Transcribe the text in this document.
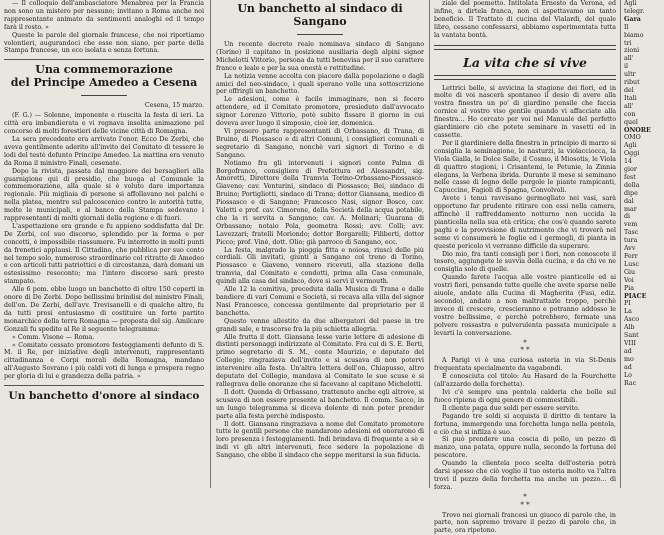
— Il colloquio dell'ambasciatore Menabrea per la Francia non sono un mistero per nessuno; invitano a Roma anche noi rappresentante animato da sentimenti analoghi ed il tempo farà il resto. »

Queste le parole del giornale francese, che noi riportiamo volontieri, augurandoci che esse non siano, per parte della Stampa francese, un eco isolata e senza fortuna.

Una commemorazione
del Principe Amedeo a Cesena
Cesena, 15 marzo.

(F. G.) — Solenne, imponente e riuscita la festa di ieri. La città era imbandierata e vi regnava insolita animazione pel concorso di molti forestieri delle vicine città di Romagna.

La sera precedente era arrivato l'onor. Ecco De Zerbi, che aveva gentilmente aderito all'invito del Comitato di tessere le lodi del testè defunto Principe Amedeo. La mattina era venuto da Roma il ministro Finali, cesenate.

Dopo la rivista, passata dal maggiore dei bersaglieri alla guarnigione qui di presidio, che buoga al Comunale la commemorazione, alla quale si è voluto dare importanza regionale. Più migliaia di persone si affollavano nei palchi e nella platea, mentre sul palcoscenico contro le autorità tutte, molte le municipali, e al banco della Stampa sedevano i rappresentanti di molti giornali della regione e di fuori.

L'aspettazione era grande e fu appieno soddisfatta dal Dr. De Zerbi, col suo discorso, splendido per la forma e per concetti, è impossibile riassumere. Fu interrotto in molti punti da frenetici applausi. Il Cittadino, che pubblica per suo conto nel tempo solo, numeroso straordinario col ritratto di Amedeo e con articoli tutti patriottici e di circostanza, darà domani un estesissimo resoconto; ma l'intero discorso sarà presto stampato.

Alle 6 pom. ebbe luogo un banchetto di oltre 150 coperti in onore di De Zerbi. Dopo bellissimi brindisi del ministro Finali, dell'on. De Zerbi, dell'avv. Trevisanelli e di qualche altro, fu da tutti presi entusiasmo di costituire un forte partito monarchico della terra Romagna — proposta del sig. Amilcare Gonzali fu spedito al Re il seguente telegramma:

« Comm. Visone — Roma.

« Comitato cessato promotore festeggiamenti defunto di S. M. il Re, per iniziative degli intervenuti, rappresentanti cittadinanza e Corpi morali della Romagna, mandano all'Augusto Sovrano i più caldi voti di lunga e prospera regno per gloria di lui e grandezza della patria. »

Un banchetto d'onore al sindaco
Un banchetto al sindaco di Sangano

Un recente decreto reale nominava sindaco di Sangano (Torino) il capitano in posizione ausiliaria degli alpini signor Michelotti Vittorio, persona da tutti benevisa per il suo carattere franco e leale e per la sua onestà e rettitudine.

La notizia venne accolta con piacere dalla popolazione e dagli amici del neo-sindaco, i quali sperano volle una sottoscrizione per offrirgli un banchetto.

Le adesioni, come è facile immaginare, non si fecero attendere, ed il Comitato promotore, presieduto dall'avvocato signor Lorenzo Vittorio, potè subito fissare il giorno in cui doveva aver luogo il simposio, cioè ier, domenica.

Vi presero parte rappresentanti di Orbassano, di Trana, di Bruino, di Piossasco e di altri Comuni, i consiglieri comunali e segretario di Sangano, nonchè vari signori di Torino e di Sangano.

Notiamo fra gli intervenuti i signori conte Palma di Borgofranco, consigliere di Prefettura ed Alessandri, sig. Amoretti, Direttore della Tramvia Torino-Orbassano-Piossasco-Giaveno; cav. Venturini, sindaco di Piossasco; Bei, sindaco di Bruino; Portigliotti, sindaco di Trana; dottor Giansana, medico di Piossasco e di Sangano; Francesco Nasi, signor Bosco, cav. Valetti e prof. cav. Cimorone, della Società della acqua potabile, che la ri servita a Sangano; cav. A. Molinari; Guarana di Orbassano; notaio Pola, geometra Rossi; avv. Colli; avv. Lavezzari; fratelli Moriondo; dottor Borgarelli; Filiberti, dottor Picco; prof. Vinè, dott. Olio; già parroco di Sangano, ecc.

La festa, malgrado la pioggia fitta e noiosa, riuscì delle più cordiali. Gli invitati, giunti a Sangano col treno di Torino, Piossasco e Giaveno, vennero ricevuti, alla stazione della tramvia, dal Comitato e condotti, prima alla Casa comunale, quindi alla casa del sindaco, dove si servì il vermouth.

Alle 12 la comitiva, preceduta dalla Musica di Trana e dalle bandiere di vari Comuni e Società, si recava alla villa del signor Nasi Francesco, concessa gentilmente dal proprietario per il banchetto.

Questo venne allestito da due albergatori del paese in tre grandi sale, e trascorse fra la più schietta allegria.

Alle frutta il dott. Giansana lesse varie lettere di adesione di distinti personaggi indirizzate al Comitato. Fra cui di S. E. Berti, primo segretario di S. M., conte Maurizio, e deputato del Collegio; ringraziava dell'invito e si scusava di non potervi intervenire alla festa. Un'altra lettera dell'on. Chiapusso, altro deputato del Collegio, mandava al Comitato le sue scuse e si rallegrava delle onoranze che si facevano al capitano Michelotti.

Il dott. Quenda di Orbassano, trattenuto anche egli altrove, si scusava di non essere presente al banchetto. Il comm. Sacco, in un lungo telegramma si diceva dolente di non poter prender parte alla festa perchè indisposto.

Il dott. Giansana ringraziava a nome del Comitato promotore tutte le gentili persone che mandarono adesioni ed onorarono di loro presenza i festeggiamenti. Indi brindava di frequente a sè e indi vi gli altri intervenuti, fece sedere la popolazione di Sangano, che ebbe il sindaco che seppe meritarsi la sua fiducia.

ziale del poemetto. Intitolata Ernesto da Verona, ed infine, a dirtela franca, non ci aspettavamo un tanto beneficio. Il Trattato di cucina del Vialardi, del quale libro, cessano confessarsi, abbiamo esperimentata tutta la vantata bontà.

La vita che si vive

Lettrici belle, si avvicina la stagione dei fiori, ed in molte di voi nascerà spontaneo il desio di avere alla vostra finestra un po' di giardino pensile che faccia cornice al vostro viso gentile quando vi affacciate alla finestra... Ho cercato per voi nel Manuale del perfetto giardiniere ciò che potete seminare in vasetti ed in cassette.

Per il giardiniere della finestra in principio di marzo si consiglia la seminagione, le nasturzi, la violacciocca, la Viola Gialla, le Dolce Salle, il Cosmo, il Miosotis, le Viola di quattro stagioni, i Crisantemi, le Petunie, la Zinnia elegans, la Verbena ibrida. Durante il mese si seminano nelle casse di legno delle pergole le piante rampicanti, Capuccine, Fagioli di Spagna, Convolvoli.

Avete i tenui ravvisano germogliato nei vasi, sarà opportuno far prudente ritirare con essi nella camera, affinchè il raffreddamento notturno non uccida la pianticella nella sua età critica; che cos'è quando sarete paghi e la provvisione di nutrimento che vi troverà nel seme vi consumerà le foglie ed i germogli, di pianta in queste pericolo vi verranno difficile da superare.

Dio mio, fra tanti consigli per i fiori, non conoscete il tesoro, aggiungete le suvvia della cucina, e da chi ve ne consiglia solo di quelle.

Quando farete l'acqua alle vostre pianticelle ed ai vostri fiori, pensando tutte quelle che avete sparse nelle aiuole, andate alla Cucina di Magherita (Fusi, ediz. secondo), andate a non maltrattarle troppo, perchè invece di crescere, crescieranno e potranno addosso le vostre bellissime, e perchè potrebbero, fermate una polvere rossastra e pulverulenta passata municipale a levarti la conversazione.

*
* *

A Parigi vi è una curiosa osteria in via St-Denis frequentata specialmente da vagabondi.

È conosciuta col titolo: Au Hasard de la Fourchette (all'azzardo della forchetta).

Ivi c'è sempre una pentola calderia che bolle sul fuoco ripiena di ogni genere di commestibili.

Il cliente paga due soldi per essere servito.

Pagando tre soldi si acquista il diritto di tentare la fortuna, immergendo una forchetta lunga nella pentola, e ciò che si infilza è suo.

Si può prendere una coscia di pollo, un pezzo di manzo, una patata, oppure nulla, secondo la fortuna del pescatore.

Quando la clientela poco scelta dell'osteria potrà darsi spesso che ciò voglio il tuo osteria molto va l'altra trovi il pezzo della forchetta ma anche un pezzo... di forza.

*
* *

Trovo nei giornali francesi un giuoco di parole che, in parte, non sapremo trovare il pezzo di parole che, in parte, ora ripetono.

Agli

telegr.

Gara

Il

biamo

tri

zioni

all'

il

ultr

ribut

del

Itali

all'

con

quel

ONORE

OMO

Agli

Oggi

14

gior

fest

della

dipe

dal

mar

di

vem

Tasc

tura

Avv

Ferr

Lusc

Giu

Voi

Pia

PIACE

PI

La

Asco

Alb

Sant

VIII

ad

mo

ad

Lo

Rac
